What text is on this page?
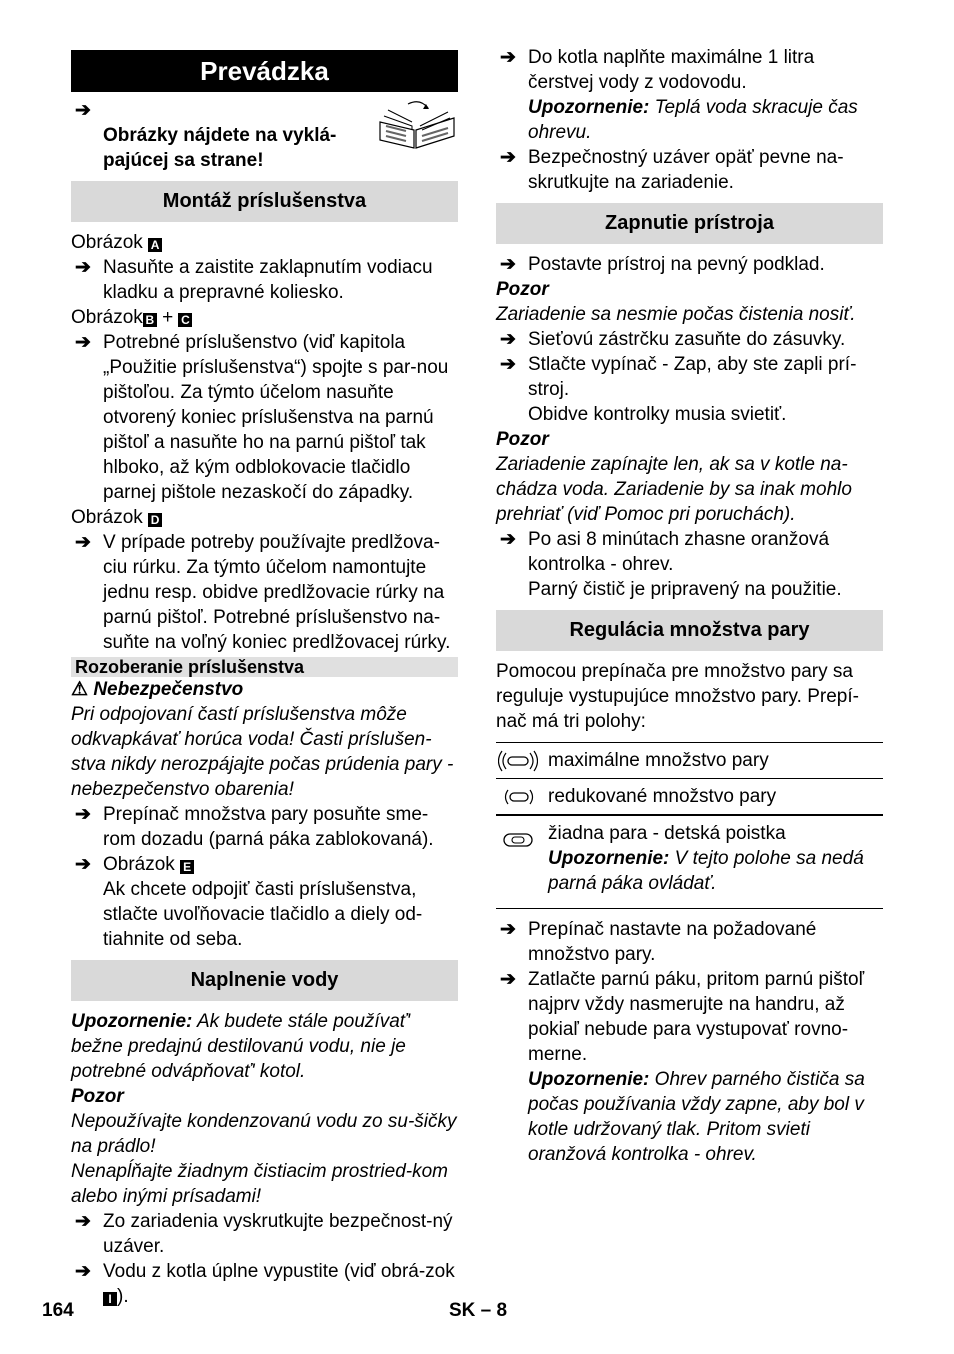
Prevádzka

➔
Obrázky nájdete na vyklá-
pajúcej sa strane!

Montáž príslušenstva

Obrázok A

➔ Nasuňte a zaistite zaklapnutím vodiacu kladku a prepravné koliesko.

Obrázok B + C

➔ Potrebné príslušenstvo (viď kapitola „Použitie príslušenstva“) spojte s par-nou pištoľou. Za týmto účelom nasuňte otvorený koniec príslušenstva na parnú pištoľ a nasuňte ho na parnú pištoľ tak hlboko, až kým odblokovacie tlačidlo parnej pištole nezaskočí do západky.

Obrázok D

➔ V prípade potreby používajte predlžova-ciu rúrku. Za týmto účelom namontujte jednu resp. obidve predlžovacie rúrky na parnú pištoľ. Potrebné príslušenstvo na-suňte na voľný koniec predlžovacej rúrky.
Rozoberanie príslušenstva

⚠ Nebezpečenstvo

Pri odpojovaní častí príslušenstva môže odkvapkávať horúca voda! Časti príslušen-stva nikdy nerozpájajte počas prúdenia pary - nebezpečenstvo obarenia!

➔ Prepínač množstva pary posuňte sme-rom dozadu (parná páka zablokovaná).
➔ Obrázok E

Ak chcete odpojiť časti príslušenstva, stlačte uvoľňovacie tlačidlo a diely od-tiahnite od seba.

Naplnenie vody

Upozornenie: Ak budete stále používať' bežne predajnú destilovanú vodu, nie je potrebné odvápňovať' kotol.

Pozor

Nepoužívajte kondenzovanú vodu zo su-šičky na prádlo!

Nenapĺňajte žiadnym čistiacim prostried-kom alebo inými prísadami!

➔ Zo zariadenia vyskrutkujte bezpečnost-ný uzáver.
➔ Vodu z kotla úplne vypustite (viď obrá-zok I ).
➔ Do kotla naplňte maximálne 1 litra čerstvej vody z vodovodu.

Upozornenie: Teplá voda skracuje čas ohrevu.

➔ Bezpečnostný uzáver opäť pevne na-skrutkujte na zariadenie.
Zapnutie prístroja
➔ Postavte prístroj na pevný podklad.

Pozor

Zariadenie sa nesmie počas čistenia nosiť.

➔ Sieťovú zástrčku zasuňte do zásuvky.
➔ Stlačte vypínač - Zap, aby ste zapli prí-stroj.

Obidve kontrolky musia svietiť.

Pozor

Zariadenie zapínajte len, ak sa v kotle na-chádza voda. Zariadenie by sa inak mohlo prehriať (viď Pomoc pri poruchách).

➔ Po asi 8 minútach zhasne oranžová kontrolka - ohrev.

Parný čistič je pripravený na použitie.

Regulácia množstva pary

Pomocou prepínača pre množstvo pary sa reguluje vystupujúce množstvo pary. Prepí-nač má tri polohy:

maximálne množstvo pary
redukované množstvo pary
žiadna para - detská poistka
Upozornenie: V tejto polohe sa nedá parná páka ovládať.
➔ Prepínač nastavte na požadované množstvo pary.
➔ Zatlačte parnú páku, pritom parnú pištoľ najprv vždy nasmerujte na handru, až pokiaľ nebude para vystupovať rovno-merne.

Upozornenie: Ohrev parného čističa sa počas používania vždy zapne, aby bol v kotle udržovaný tlak. Pritom svieti oranžová kontrolka - ohrev.

164	SK – 8
